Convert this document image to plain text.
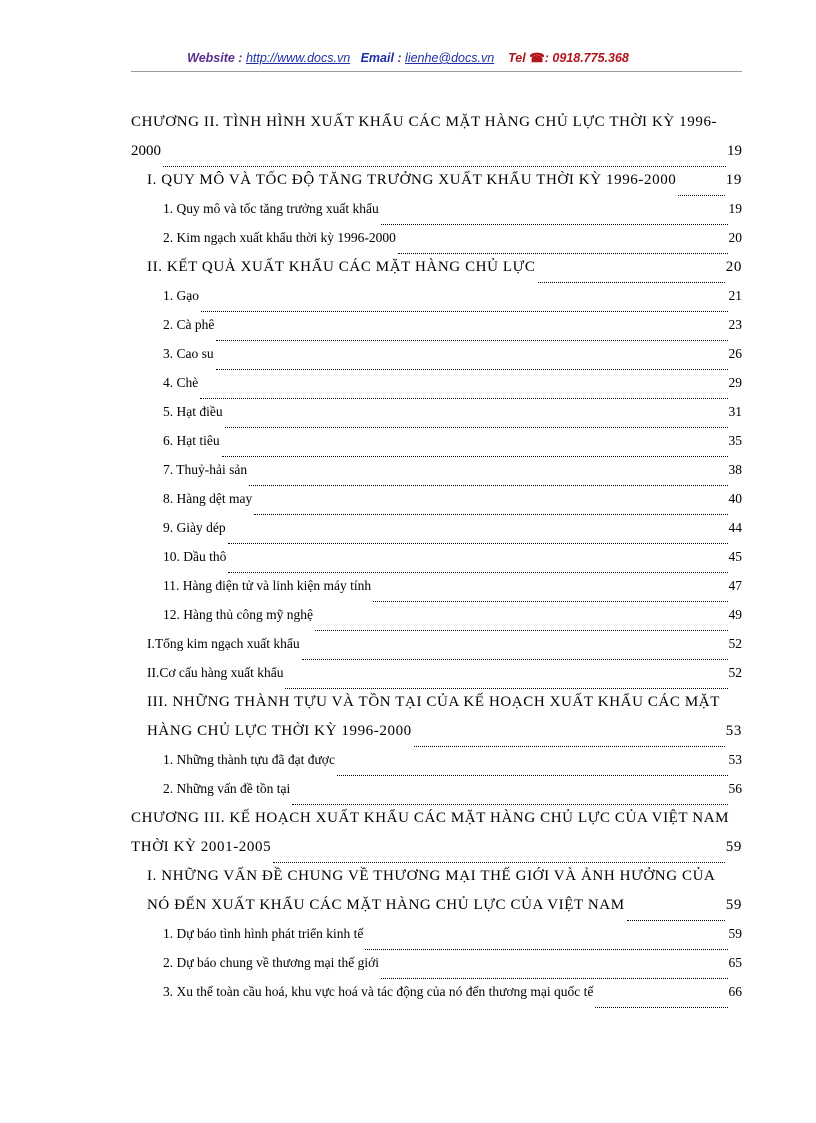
Website : http://www.docs.vn Email : lienhe@docs.vn Tel ☎: 0918.775.368
CHƯƠNG II. TÌNH HÌNH XUẤT KHẨU CÁC MẶT HÀNG CHỦ LỰC THỜI KỲ 1996-
2000	19
I. QUY MÔ VÀ TỐC ĐỘ TĂNG TRƯỞNG XUẤT KHẨU THỜI KỲ 1996-2000	19
1. Quy mô và tốc tăng trưởng xuất khẩu	19
2. Kim ngạch xuất khẩu thời kỳ 1996-2000	20
II. KẾT QUẢ XUẤT KHẨU CÁC MẶT HÀNG CHỦ LỰC	20
1. Gạo	21
2. Cà phê	23
3. Cao su	26
4. Chè	29
5. Hạt điều	31
6. Hạt tiêu	35
7. Thuỷ-hải sản	38
8. Hàng dệt may	40
9. Giày dép	44
10. Dầu thô	45
11. Hàng điện tử và linh kiện máy tính	47
12. Hàng thủ công mỹ nghệ	49
I.Tổng kim ngạch xuất khẩu	52
II.Cơ cấu hàng xuất khẩu	52
III. NHỮNG THÀNH TỰU VÀ TỒN TẠI CỦA KẾ HOẠCH XUẤT KHẨU CÁC MẶT
HÀNG CHỦ LỰC THỜI KỲ 1996-2000	53
1. Những thành tựu đã đạt được	53
2. Những vấn đề tồn tại	56
CHƯƠNG III. KẾ HOẠCH XUẤT KHẨU CÁC MẶT HÀNG CHỦ LỰC CỦA VIỆT NAM
THỜI KỲ 2001-2005	59
I. NHỮNG VẤN ĐỀ CHUNG VỀ THƯƠNG MẠI THẾ GIỚI VÀ ẢNH HƯỞNG CỦA
NÓ ĐẾN XUẤT KHẨU CÁC MẶT HÀNG CHỦ LỰC CỦA VIỆT NAM	59
1. Dự báo tình hình phát triển kinh tế	59
2. Dự báo chung về thương mại thế giới	65
3. Xu thế toàn cầu hoá, khu vực hoá và tác động của nó đến thương mại quốc tế	66
